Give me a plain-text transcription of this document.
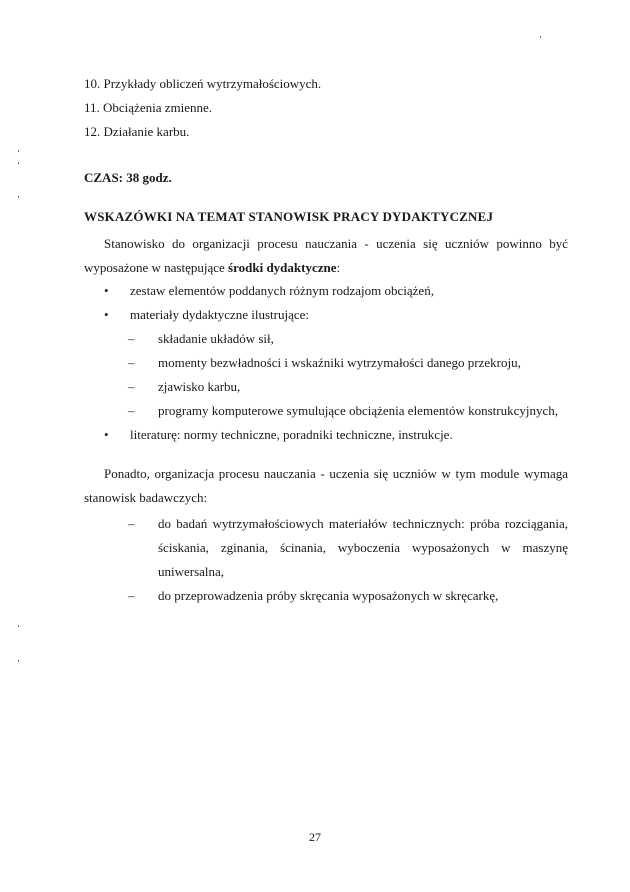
10. Przykłady obliczeń wytrzymałościowych.
11. Obciążenia zmienne.
12. Działanie karbu.
CZAS: 38 godz.
WSKAZÓWKI NA TEMAT STANOWISK PRACY DYDAKTYCZNEJ
Stanowisko do organizacji procesu nauczania - uczenia się uczniów powinno być
wyposażone w następujące środki dydaktyczne:
• zestaw elementów poddanych różnym rodzajom obciążeń,
• materiały dydaktyczne ilustrujące:
– składanie układów sił,
– momenty bezwładności i wskaźniki wytrzymałości danego przekroju,
– zjawisko karbu,
– programy komputerowe symulujące obciążenia elementów konstrukcyjnych,
• literaturę: normy techniczne, poradniki techniczne, instrukcje.
Ponadto, organizacja procesu nauczania - uczenia się uczniów w tym module wymaga
stanowisk badawczych:
– do badań wytrzymałościowych materiałów technicznych: próba rozciągania,
ściskania, zginania, ścinania, wyboczenia wyposażonych w maszynę
uniwersalna,
– do przeprowadzenia próby skręcania wyposażonych w skręcarkę,
27
